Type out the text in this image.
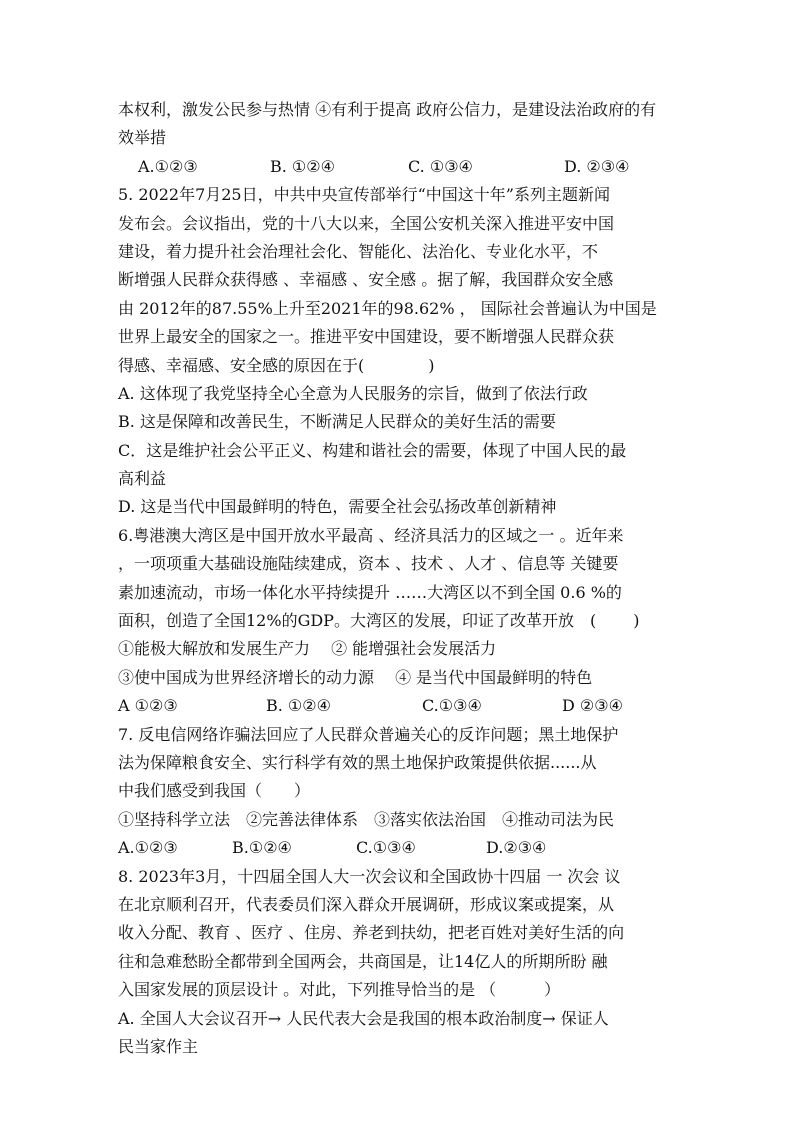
本权利，激发公民参与热情 ④有利于提高 政府公信力，是建设法治政府的有
效举措
A.①②③	B. ①②④	C. ①③④	D. ②③④
5. 2022年7月25日，中共中央宣传部举行“中国这十年”系列主题新闻
发布会。会议指出，党的十八大以来，全国公安机关深入推进平安中国
建设，着力提升社会治理社会化、智能化、法治化、专业化水平，不
断增强人民群众获得感 、幸福感 、安全感 。据了解，我国群众安全感
由 2012年的87.55%上升至2021年的98.62% ， 国际社会普遍认为中国是
世界上最安全的国家之一。推进平安中国建设，要不断增强人民群众获
得感、幸福感、安全感的原因在于(　　　　)
A. 这体现了我党坚持全心全意为人民服务的宗旨，做到了依法行政
B. 这是保障和改善民生，不断满足人民群众的美好生活的需要
C．这是维护社会公平正义、构建和谐社会的需要，体现了中国人民的最
高利益
D. 这是当代中国最鲜明的特色，需要全社会弘扬改革创新精神
6.粤港澳大湾区是中国开放水平最高 、经济具活力的区域之一 。近年来
，一项项重大基础设施陆续建成，资本 、技术 、人才 、信息等 关键要
素加速流动，市场一体化水平持续提升 ……大湾区以不到全国 0.6 %的
面积，创造了全国12%的GDP。大湾区的发展，印证了改革开放　(　　 )
①能极大解放和发展生产力　 ② 能增强社会发展活力
③使中国成为世界经济增长的动力源　 ④ 是当代中国最鲜明的特色
A ①②③	B. ①②④	C.①③④	D ②③④
7. 反电信网络诈骗法回应了人民群众普遍关心的反诈问题；黑土地保护
法为保障粮食安全、实行科学有效的黑土地保护政策提供依据......从
中我们感受到我国（　　）
①坚持科学立法　②完善法律体系　③落实依法治国　④推动司法为民
A.①②③	B.①②④	C.①③④	D.②③④
8. 2023年3月，十四届全国人大一次会议和全国政协十四届 一 次会 议
在北京顺利召开，代表委员们深入群众开展调研，形成议案或提案，从
收入分配、教育 、医疗 、住房、养老到扶幼，把老百姓对美好生活的向
往和急难愁盼全都带到全国两会，共商国是，让14亿人的所期所盼 融
入国家发展的顶层设计 。对此，下列推导恰当的是 （　　　）
A. 全国人大会议召开→ 人民代表大会是我国的根本政治制度→ 保证人
民当家作主
